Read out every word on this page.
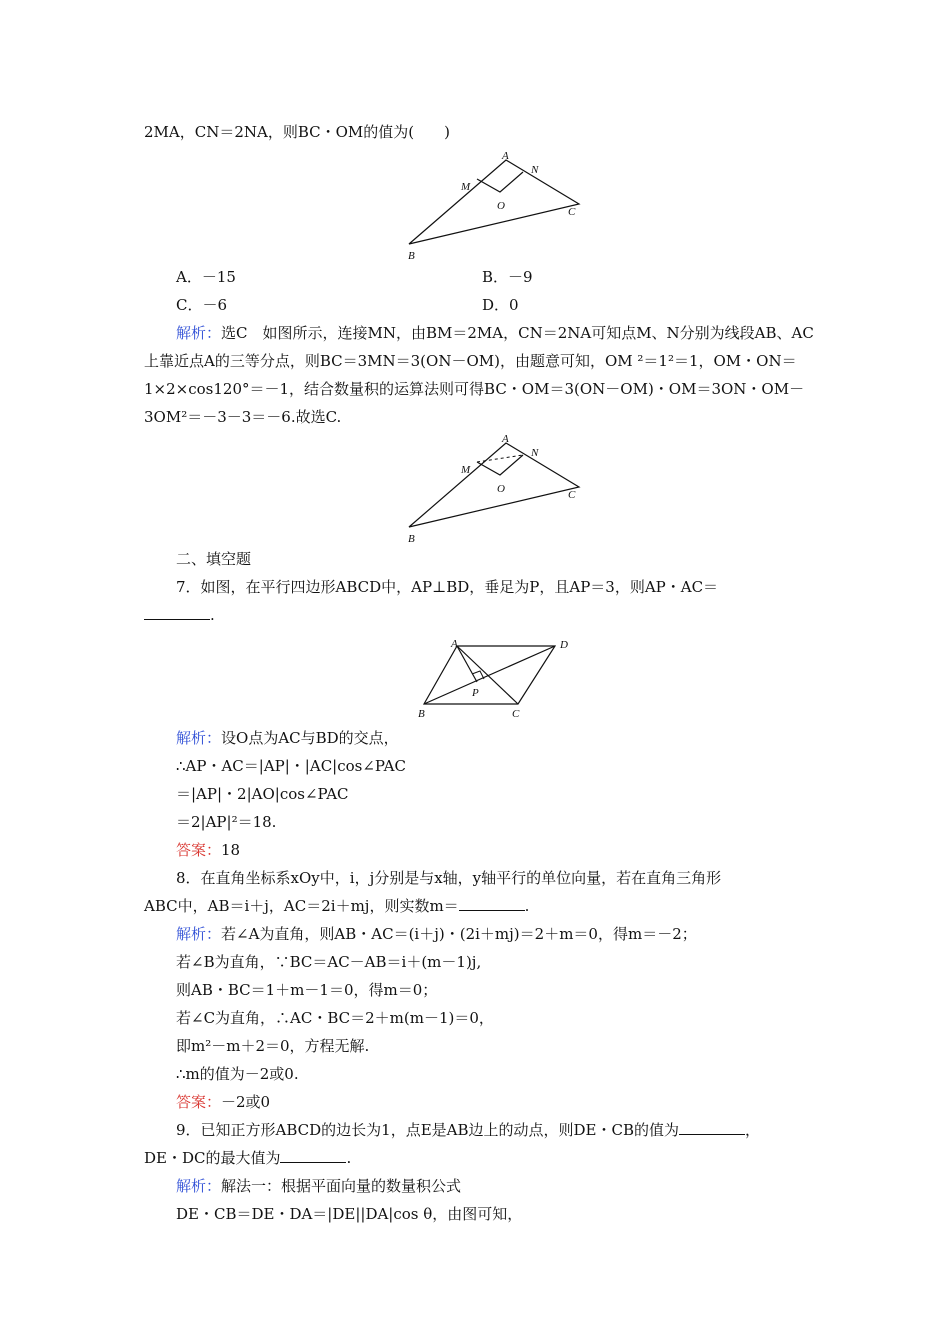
2MA，CN＝2NA，则BC・OM的值为(　　)
A
N
M
O	C
B
A．－15	B．－9
C．－6	D．0
解析：选C　如图所示，连接MN，由BM＝2MA，CN＝2NA可知点M、N分别为线段AB、AC
上靠近点A的三等分点，则BC＝3MN＝3(ON－OM)，由题意可知，OM ²＝1²＝1，OM・ON＝
1×2×cos120°＝－1，结合数量积的运算法则可得BC・OM＝3(ON－OM)・OM＝3ON・OM－
3OM²＝－3－3＝－6.故选C.
A
N
M
O	C
B
二、填空题
7．如图，在平行四边形ABCD中，AP⊥BD，垂足为P，且AP＝3，则AP・AC＝
.
A	D
P
B	C
解析：设O点为AC与BD的交点，
∴AP・AC＝|AP|・|AC|cos∠PAC
＝|AP|・2|AO|cos∠PAC
＝2|AP|²＝18.
答案：18
8．在直角坐标系xOy中，i，j分别是与x轴，y轴平行的单位向量，若在直角三角形
ABC中，AB＝i＋j，AC＝2i＋mj，则实数m＝	.
解析：若∠A为直角，则AB・AC＝(i＋j)・(2i＋mj)＝2＋m＝0，得m＝－2；
若∠B为直角，∵BC＝AC－AB＝i＋(m－1)j,
则AB・BC＝1＋m－1＝0，得m＝0；
若∠C为直角，∴AC・BC＝2＋m(m－1)＝0，
即m²－m＋2＝0，方程无解.
∴m的值为－2或0.
答案：－2或0
9．已知正方形ABCD的边长为1，点E是AB边上的动点，则DE・CB的值为	，
DE・DC的最大值为	.
解析：解法一：根据平面向量的数量积公式
DE・CB＝DE・DA＝|DE||DA|cos θ，由图可知，
